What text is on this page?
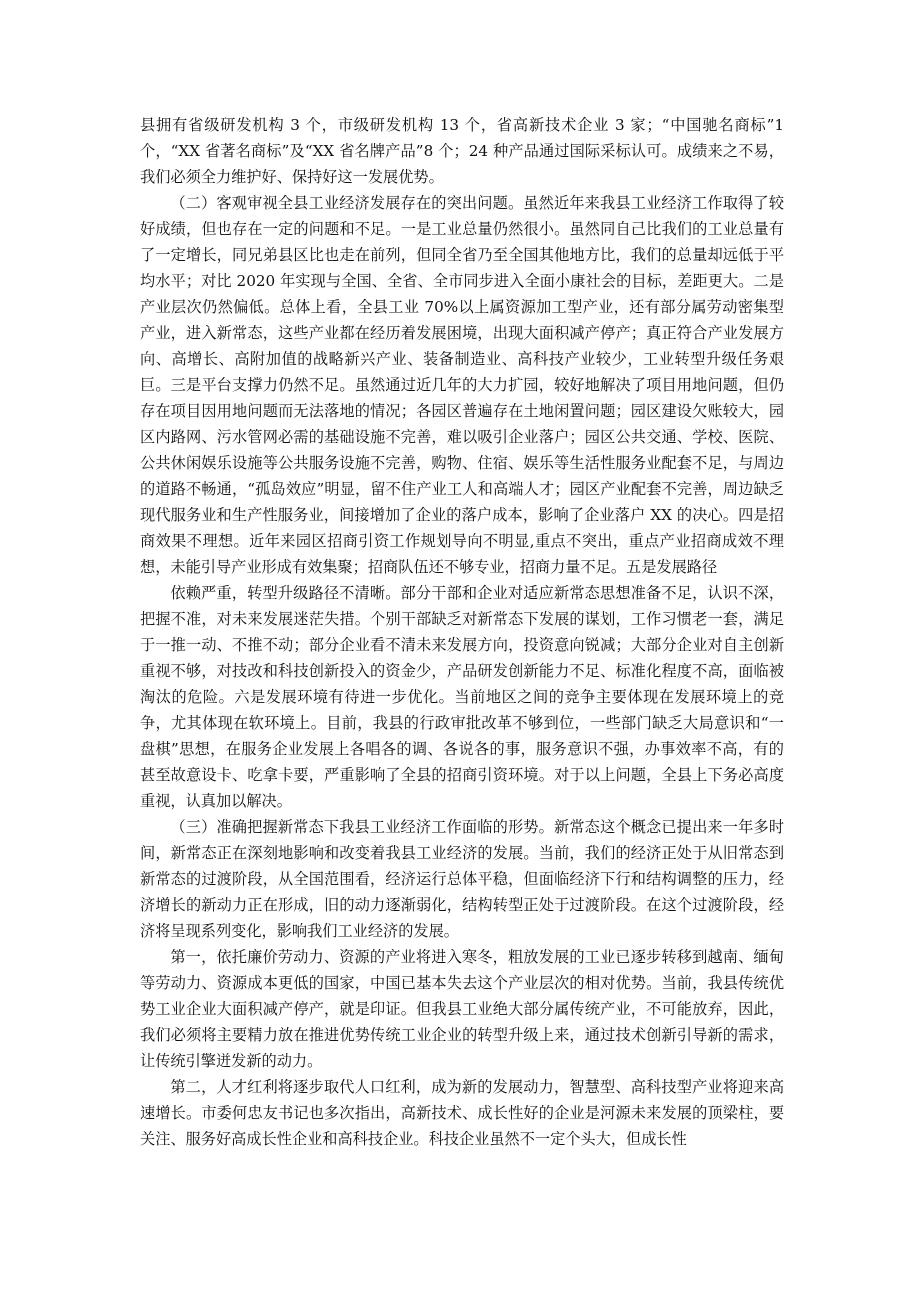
县拥有省级研发机构 3 个，市级研发机构 13 个，省高新技术企业 3 家；“中国驰名商标”1 个，“XX 省著名商标”及“XX 省名牌产品”8 个；24 种产品通过国际采标认可。成绩来之不易，我们必须全力维护好、保持好这一发展优势。

（二）客观审视全县工业经济发展存在的突出问题。虽然近年来我县工业经济工作取得了较好成绩，但也存在一定的问题和不足。一是工业总量仍然很小。虽然同自己比我们的工业总量有了一定增长，同兄弟县区比也走在前列，但同全省乃至全国其他地方比，我们的总量却远低于平均水平；对比 2020 年实现与全国、全省、全市同步进入全面小康社会的目标，差距更大。二是产业层次仍然偏低。总体上看，全县工业 70%以上属资源加工型产业，还有部分属劳动密集型产业，进入新常态，这些产业都在经历着发展困境，出现大面积减产停产；真正符合产业发展方向、高增长、高附加值的战略新兴产业、装备制造业、高科技产业较少，工业转型升级任务艰巨。三是平台支撑力仍然不足。虽然通过近几年的大力扩园，较好地解决了项目用地问题，但仍存在项目因用地问题而无法落地的情况；各园区普遍存在土地闲置问题；园区建设欠账较大，园区内路网、污水管网必需的基础设施不完善，难以吸引企业落户；园区公共交通、学校、医院、公共休闲娱乐设施等公共服务设施不完善，购物、住宿、娱乐等生活性服务业配套不足，与周边的道路不畅通，“孤岛效应”明显，留不住产业工人和高端人才；园区产业配套不完善，周边缺乏现代服务业和生产性服务业，间接增加了企业的落户成本，影响了企业落户 XX 的决心。四是招商效果不理想。近年来园区招商引资工作规划导向不明显,重点不突出，重点产业招商成效不理想，未能引导产业形成有效集聚；招商队伍还不够专业，招商力量不足。五是发展路径

依赖严重，转型升级路径不清晰。部分干部和企业对适应新常态思想准备不足，认识不深，把握不准，对未来发展迷茫失措。个别干部缺乏对新常态下发展的谋划，工作习惯老一套，满足于一推一动、不推不动；部分企业看不清未来发展方向，投资意向锐减；大部分企业对自主创新重视不够，对技改和科技创新投入的资金少，产品研发创新能力不足、标准化程度不高，面临被淘汰的危险。六是发展环境有待进一步优化。当前地区之间的竞争主要体现在发展环境上的竞争，尤其体现在软环境上。目前，我县的行政审批改革不够到位，一些部门缺乏大局意识和“一盘棋”思想，在服务企业发展上各唱各的调、各说各的事，服务意识不强，办事效率不高，有的甚至故意设卡、吃拿卡要，严重影响了全县的招商引资环境。对于以上问题，全县上下务必高度重视，认真加以解决。

（三）准确把握新常态下我县工业经济工作面临的形势。新常态这个概念已提出来一年多时间，新常态正在深刻地影响和改变着我县工业经济的发展。当前，我们的经济正处于从旧常态到新常态的过渡阶段，从全国范围看，经济运行总体平稳，但面临经济下行和结构调整的压力，经济增长的新动力正在形成，旧的动力逐渐弱化，结构转型正处于过渡阶段。在这个过渡阶段，经济将呈现系列变化，影响我们工业经济的发展。

第一，依托廉价劳动力、资源的产业将进入寒冬，粗放发展的工业已逐步转移到越南、缅甸等劳动力、资源成本更低的国家，中国已基本失去这个产业层次的相对优势。当前，我县传统优势工业企业大面积减产停产，就是印证。但我县工业绝大部分属传统产业，不可能放弃，因此，我们必须将主要精力放在推进优势传统工业企业的转型升级上来，通过技术创新引导新的需求，让传统引擎迸发新的动力。

第二，人才红利将逐步取代人口红利，成为新的发展动力，智慧型、高科技型产业将迎来高速增长。市委何忠友书记也多次指出，高新技术、成长性好的企业是河源未来发展的顶梁柱，要关注、服务好高成长性企业和高科技企业。科技企业虽然不一定个头大，但成长性
